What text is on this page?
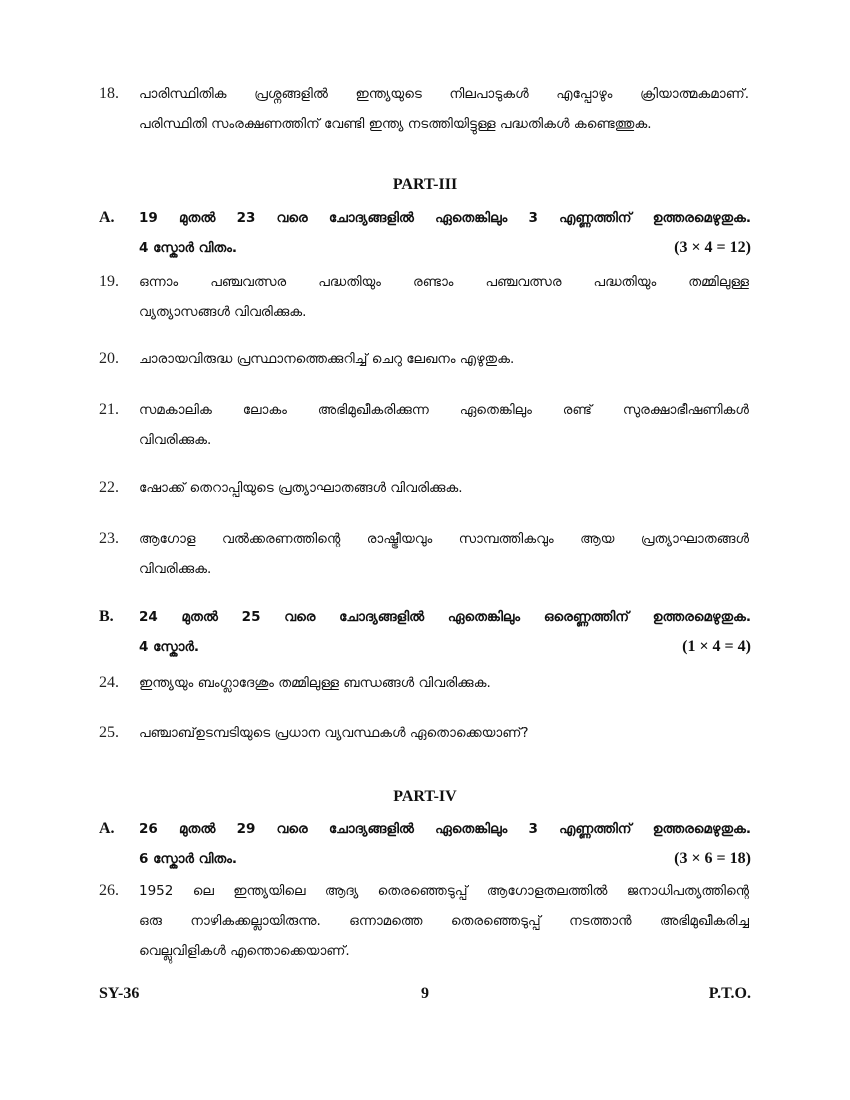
18.	പാരിസ്ഥിതിക പ്രശ്നങ്ങളിൽ ഇന്ത്യയുടെ നിലപാടുകൾ എപ്പോഴും ക്രിയാത്മകമാണ്.
പരിസ്ഥിതി സംരക്ഷണത്തിന് വേണ്ടി ഇന്ത്യ നടത്തിയിട്ടുള്ള പദ്ധതികൾ കണ്ടെത്തുക.
PART-III
A. 19 മുതൽ 23 വരെ ചോദ്യങ്ങളിൽ ഏതെങ്കിലും 3 എണ്ണത്തിന് ഉത്തരമെഴുതുക.
4 സ്കോർ വിതം.	(3 × 4 = 12)
19.	ഒന്നാം പഞ്ചവത്സര പദ്ധതിയും രണ്ടാം പഞ്ചവത്സര പദ്ധതിയും തമ്മിലുള്ള
വ്യത്യാസങ്ങൾ വിവരിക്കുക.
20.	ചാരായവിരുദ്ധ പ്രസ്ഥാനത്തെക്കുറിച്ച് ചെറു ലേഖനം എഴുതുക.
21.	സമകാലിക ലോകം അഭിമുഖീകരിക്കുന്ന ഏതെങ്കിലും രണ്ട് സുരക്ഷാഭീഷണികൾ
വിവരിക്കുക.
22.	ഷോക്ക് തെറാപ്പിയുടെ പ്രത്യാഘാതങ്ങൾ വിവരിക്കുക.
23.	ആഗോള വൽക്കരണത്തിന്റെ രാഷ്ട്രീയവും സാമ്പത്തികവും ആയ പ്രത്യാഘാതങ്ങൾ
വിവരിക്കുക.
B. 24 മുതൽ 25 വരെ ചോദ്യങ്ങളിൽ ഏതെങ്കിലും ഒരെണ്ണത്തിന് ഉത്തരമെഴുതുക.
4 സ്കോർ.	(1 × 4 = 4)
24.	ഇന്ത്യയും ബംഗ്ലാദേശും തമ്മിലുള്ള ബന്ധങ്ങൾ വിവരിക്കുക.
25.	പഞ്ചാബ്ഉടമ്പടിയുടെ പ്രധാന വ്യവസ്ഥകൾ ഏതൊക്കെയാണ്?
PART-IV
A. 26 മുതൽ 29 വരെ ചോദ്യങ്ങളിൽ ഏതെങ്കിലും 3 എണ്ണത്തിന് ഉത്തരമെഴുതുക.
6 സ്കോർ വിതം.	(3 × 6 = 18)
26.	1952 ലെ ഇന്ത്യയിലെ ആദ്യ തെരഞ്ഞെടുപ്പ് ആഗോളതലത്തിൽ ജനാധിപത്യത്തിന്റെ
ഒരു നാഴികക്കല്ലായിരുന്നു. ഒന്നാമത്തെ തെരഞ്ഞെടുപ്പ് നടത്താൻ അഭിമുഖീകരിച്ച
വെല്ലുവിളികൾ എന്തൊക്കെയാണ്.
SY-36	9	P.T.O.
